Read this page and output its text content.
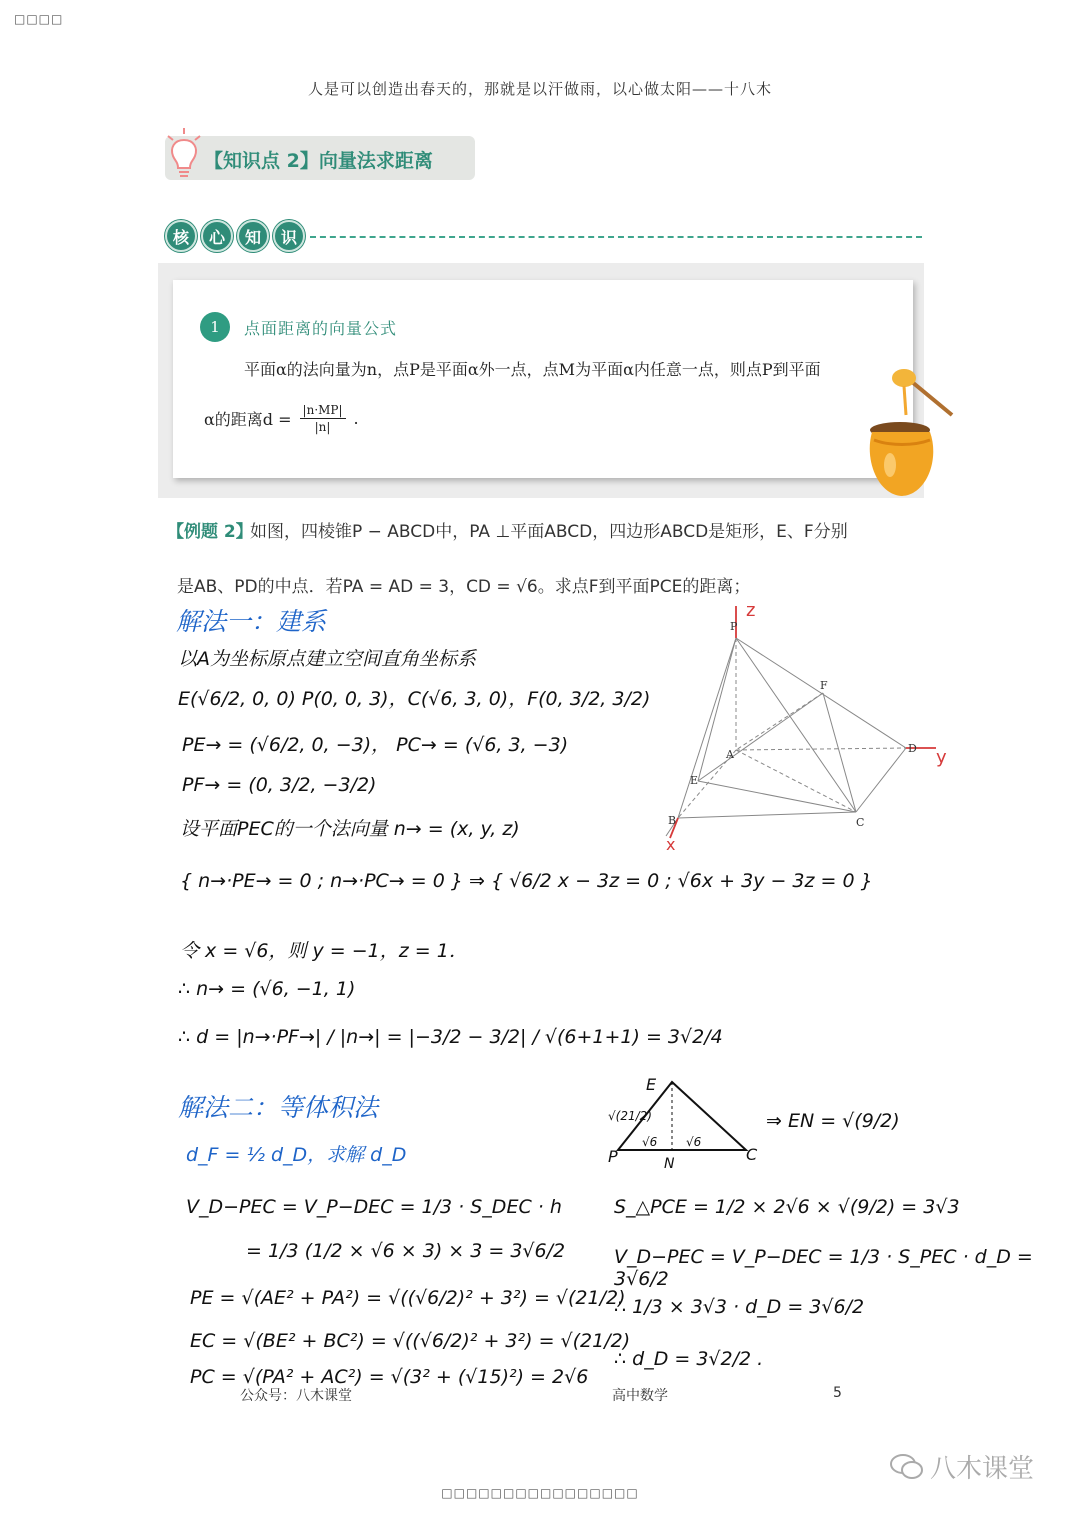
□□□□
人是可以创造出春天的，那就是以汗做雨，以心做太阳——十八木
【知识点 2】向量法求距离
核	心	知	识
1	点面距离的向量公式
平面α的法向量为n，点P是平面α外一点，点M为平面α内任意一点，则点P到平面
α的距离$d = \frac{|n\cdot MP|}{|n|}$ .
【例题 2】
如图，四棱锥P − ABCD中，PA ⊥平面ABCD，四边形ABCD是矩形，E、F分别
是AB、PD的中点．若PA = AD = 3，CD = √6。求点F到平面PCE的距离；
P
A
B	C
D
E
F
z
y
x
解法一：建系
以A为坐标原点建立空间直角坐标系
E(√6/2, 0, 0) P(0, 0, 3)，C(√6, 3, 0)，F(0, 3/2, 3/2)
PE→ = (√6/2, 0, −3)， PC→ = (√6, 3, −3)
PF→ = (0, 3/2, −3/2)
设平面PEC的一个法向量 n→ = (x, y, z)
{ n→·PE→ = 0 ; n→·PC→ = 0 } ⇒ { √6/2 x − 3z = 0 ; √6x + 3y − 3z = 0 }
令 x = √6，则 y = −1，z = 1．
∴ n→ = (√6, −1, 1)
∴ d = |n→·PF→| / |n→| = |−3/2 − 3/2| / √(6+1+1) = 3√2/4
解法二：等体积法
d_F = ½ d_D，求解 d_D
V_D−PEC = V_P−DEC = 1/3 · S_DEC · h
= 1/3 (1/2 × √6 × 3) × 3 = 3√6/2
PE = √(AE² + PA²) = √((√6/2)² + 3²) = √(21/2)
EC = √(BE² + BC²) = √((√6/2)² + 3²) = √(21/2)
PC = √(PA² + AC²) = √(3² + (√15)²) = 2√6
E
P	C
N
√(21/2)
√6 √6
⇒ EN = √(9/2)
S_△PCE = 1/2 × 2√6 × √(9/2) = 3√3
V_D−PEC = V_P−DEC = 1/3 · S_PEC · d_D = 3√6/2
∴ 1/3 × 3√3 · d_D = 3√6/2
∴ d_D = 3√2/2 .
公众号：八木课堂	高中数学	5
八木课堂
□□□□□□□□□□□□□□□□
